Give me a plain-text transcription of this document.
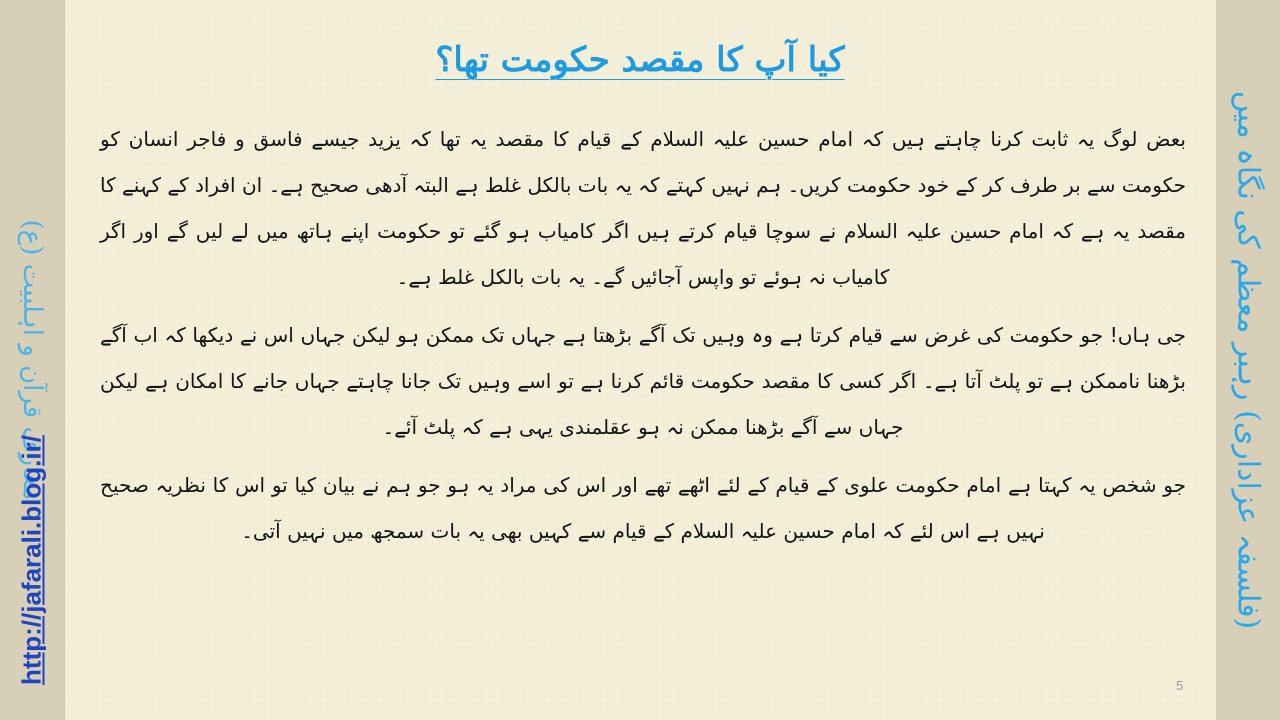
معارف قرآن و اہلبیت (ع)
http://jafarali.blog.ir/
کیا آپ کا مقصد حکومت تھا؟

بعض لوگ یہ ثابت کرنا چاہتے ہیں کہ امام حسین علیہ السلام کے قیام کا مقصد یہ تھا کہ یزید جیسے فاسق و فاجر انسان کو حکومت سے بر طرف کر کے خود حکومت کریں۔ ہم نہیں کہتے کہ یہ بات بالکل غلط ہے البتہ آدھی صحیح ہے۔ ان افراد کے کہنے کا مقصد یہ ہے کہ امام حسین علیہ السلام نے سوچا قیام کرتے ہیں اگر کامیاب ہو گئے تو حکومت اپنے ہاتھ میں لے لیں گے اور اگر کامیاب نہ ہوئے تو واپس آجائیں گے۔ یہ بات بالکل غلط ہے۔

جی ہاں! جو حکومت کی غرض سے قیام کرتا ہے وہ وہیں تک آگے بڑھتا ہے جہاں تک ممکن ہو لیکن جہاں اس نے دیکھا کہ اب آگے بڑھنا ناممکن ہے تو پلٹ آتا ہے۔ اگر کسی کا مقصد حکومت قائم کرنا ہے تو اسے وہیں تک جانا چاہتے جہاں جانے کا امکان ہے لیکن جہاں سے آگے بڑھنا ممکن نہ ہو عقلمندی یہی ہے کہ پلٹ آئے۔

جو شخص یہ کہتا ہے امام حکومت علوی کے قیام کے لئے اٹھے تھے اور اس کی مراد یہ ہو جو ہم نے بیان کیا تو اس کا نظریہ صحیح نہیں ہے اس لئے کہ امام حسین علیہ السلام کے قیام سے کہیں بھی یہ بات سمجھ میں نہیں آتی۔

5
(فلسفہ عزاداری) رہبر معظم کی نگاہ میں
